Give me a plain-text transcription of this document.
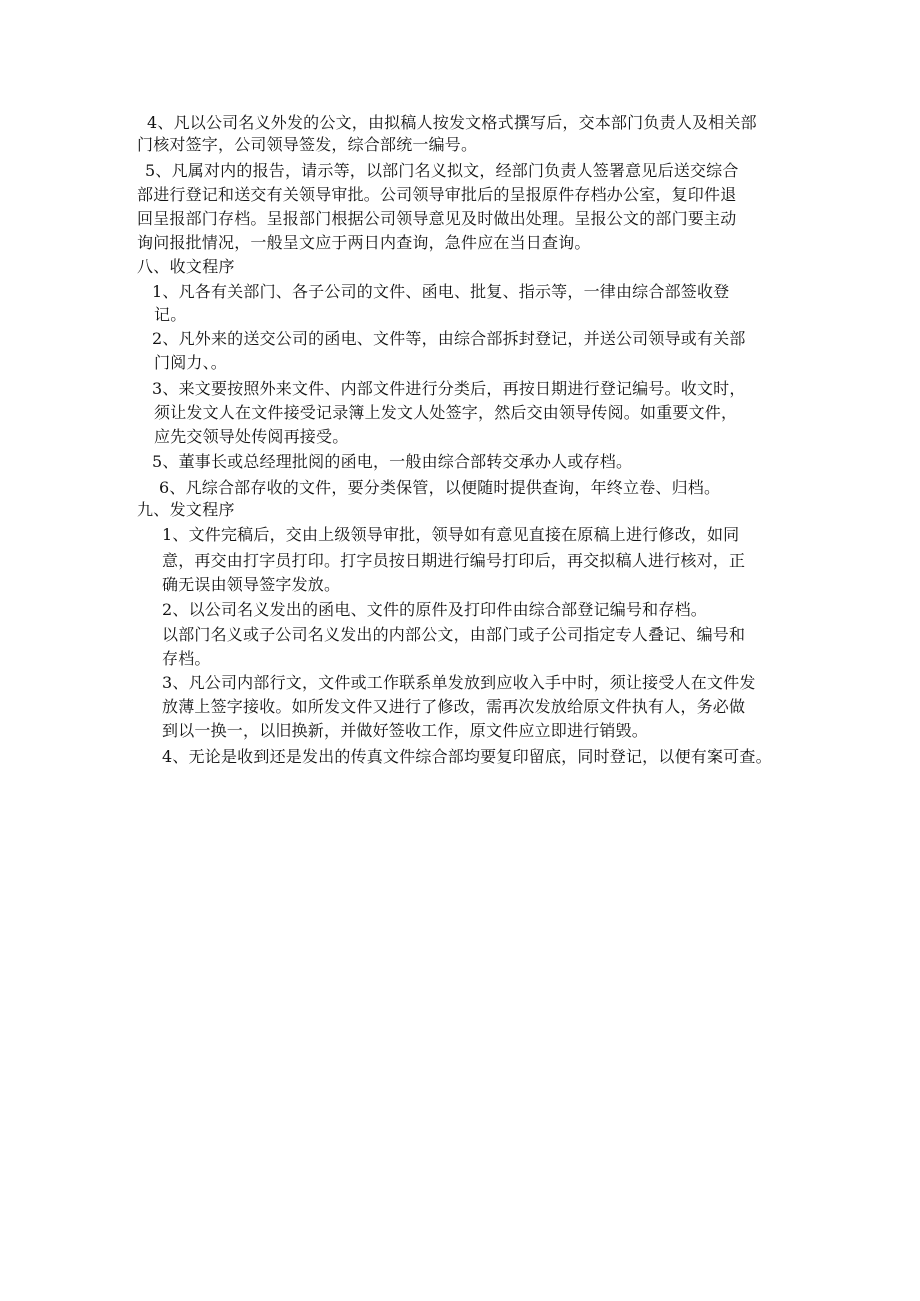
4、凡以公司名义外发的公文，由拟稿人按发文格式撰写后，交本部门负责人及相关部
门核对签字，公司领导签发，综合部统一编号。
5、凡属对内的报告，请示等，以部门名义拟文，经部门负责人签署意见后送交综合
部进行登记和送交有关领导审批。公司领导审批后的呈报原件存档办公室，复印件退
回呈报部门存档。呈报部门根据公司领导意见及时做出处理。呈报公文的部门要主动
询问报批情况，一般呈文应于两日内查询，急件应在当日查询。
八、收文程序
1、凡各有关部门、各子公司的文件、函电、批复、指示等，一律由综合部签收登
记。
2、凡外来的送交公司的函电、文件等，由综合部拆封登记，并送公司领导或有关部
门阅力、。
3、来文要按照外来文件、内部文件进行分类后，再按日期进行登记编号。收文时，
须让发文人在文件接受记录簿上发文人处签字，然后交由领导传阅。如重要文件，
应先交领导处传阅再接受。
5、董事长或总经理批阅的函电，一般由综合部转交承办人或存档。
6、凡综合部存收的文件，要分类保管，以便随时提供查询，年终立卷、归档。
九、发文程序
1、文件完稿后，交由上级领导审批，领导如有意见直接在原稿上进行修改，如同
意，再交由打字员打印。打字员按日期进行编号打印后，再交拟稿人进行核对，正
确无误由领导签字发放。
2、以公司名义发出的函电、文件的原件及打印件由综合部登记编号和存档。
以部门名义或子公司名义发出的内部公文，由部门或子公司指定专人叠记、编号和
存档。
3、凡公司内部行文，文件或工作联系单发放到应收入手中时，须让接受人在文件发
放薄上签字接收。如所发文件又进行了修改，需再次发放给原文件执有人，务必做
到以一换一，以旧换新，并做好签收工作，原文件应立即进行销毁。
4、无论是收到还是发出的传真文件综合部均要复印留底，同时登记，以便有案可查。
